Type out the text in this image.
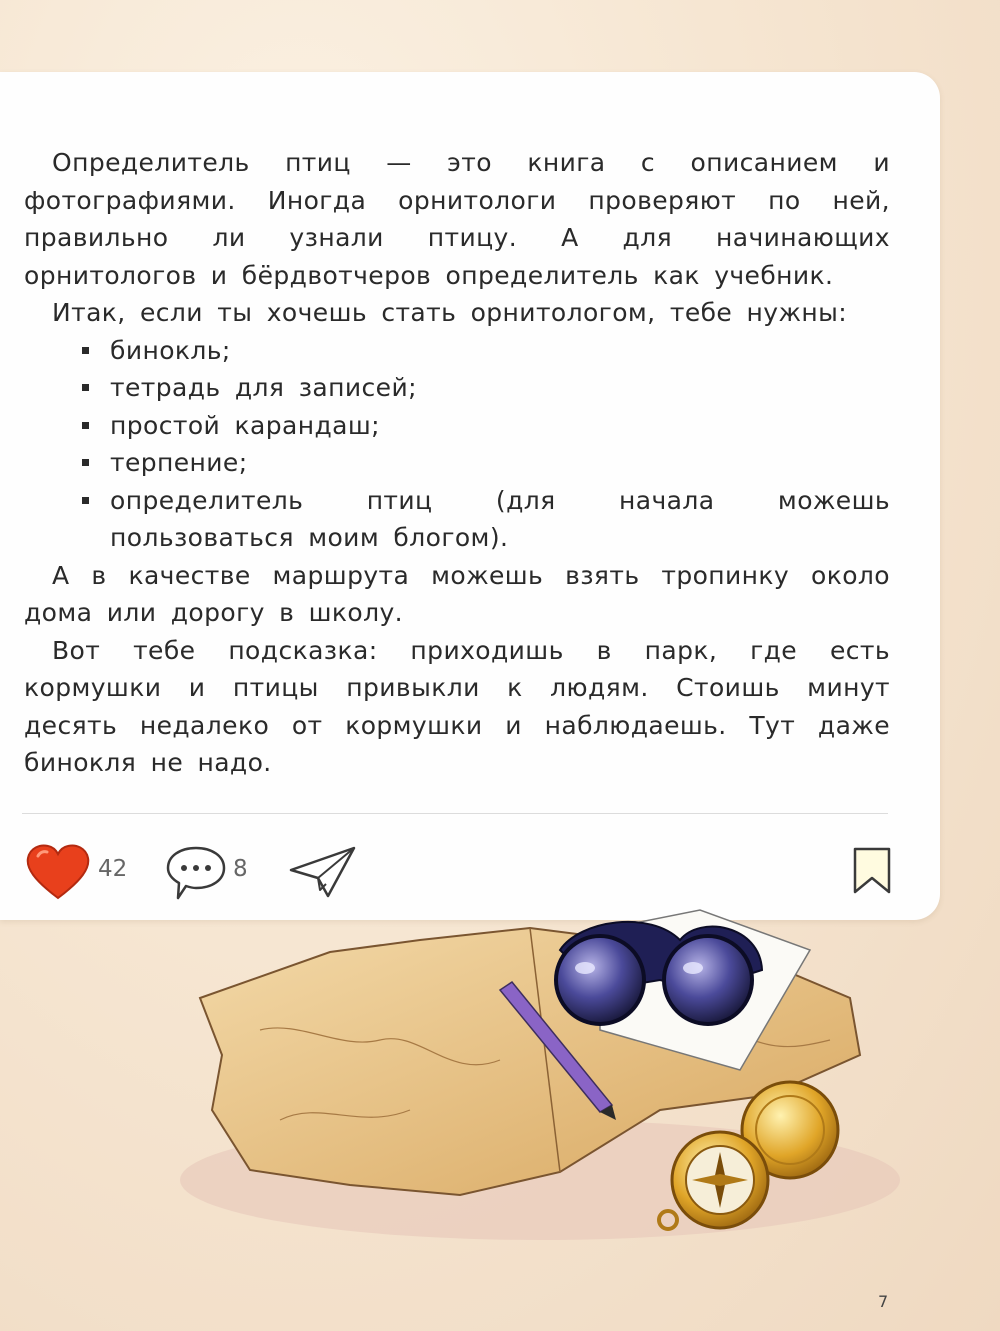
Определитель птиц — это книга с описанием и фотографиями. Иногда орнитологи проверяют по ней, правильно ли узнали птицу. А для начинающих орнитологов и бёрдвотчеров определитель как учебник.

Итак, если ты хочешь стать орнитологом, тебе нужны:

бинокль;
тетрадь для записей;
простой карандаш;
терпение;
определитель птиц (для начала можешь пользоваться моим блогом).

А в качестве маршрута можешь взять тропинку около дома или дорогу в школу.

Вот тебе подсказка: приходишь в парк, где есть кормушки и птицы привыкли к людям. Стоишь минут десять недалеко от кормушки и наблюдаешь. Тут даже бинокля не надо.

42	8
7
